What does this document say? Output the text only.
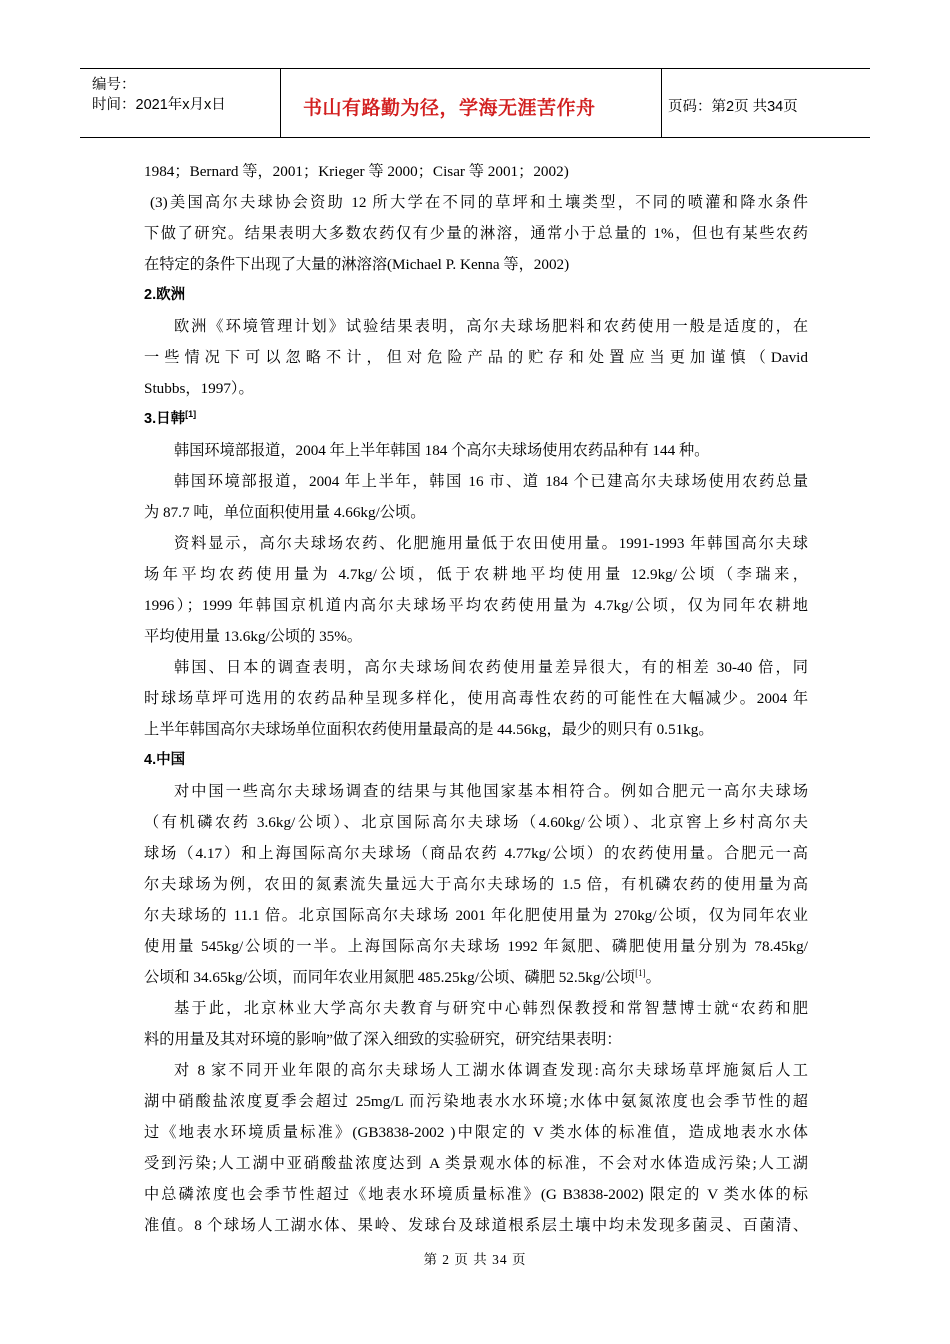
编号：
时间：2021年x月x日	书山有路勤为径，学海无涯苦作舟	页码：第2页 共34页
1984；Bernard 等，2001；Krieger 等 2000；Cisar 等 2001；2002)
(3)美国高尔夫球协会资助 12 所大学在不同的草坪和土壤类型，不同的喷灌和降水条件
下做了研究。结果表明大多数农药仅有少量的淋溶，通常小于总量的 1%，但也有某些农药
在特定的条件下出现了大量的淋溶溶(Michael P. Kenna 等，2002)
2.欧洲
欧洲《环境管理计划》试验结果表明，高尔夫球场肥料和农药使用一般是适度的，在
一些情况下可以忽略不计，但对危险产品的贮存和处置应当更加谨慎（David
Stubbs，1997）。
3.日韩[1]
韩国环境部报道，2004 年上半年韩国 184 个高尔夫球场使用农药品种有 144 种。
韩国环境部报道，2004 年上半年，韩国 16 市、道 184 个已建高尔夫球场使用农药总量
为 87.7 吨，单位面积使用量 4.66kg/公顷。
资料显示，高尔夫球场农药、化肥施用量低于农田使用量。1991-1993 年韩国高尔夫球
场年平均农药使用量为 4.7kg/公顷，低于农耕地平均使用量 12.9kg/公顷（李瑞来，
1996）；1999 年韩国京机道内高尔夫球场平均农药使用量为 4.7kg/公顷，仅为同年农耕地
平均使用量 13.6kg/公顷的 35%。
韩国、日本的调查表明，高尔夫球场间农药使用量差异很大，有的相差 30-40 倍，同
时球场草坪可选用的农药品种呈现多样化，使用高毒性农药的可能性在大幅减少。2004 年
上半年韩国高尔夫球场单位面积农药使用量最高的是 44.56kg，最少的则只有 0.51kg。
4.中国
对中国一些高尔夫球场调查的结果与其他国家基本相符合。例如合肥元一高尔夫球场
（有机磷农药 3.6kg/公顷）、北京国际高尔夫球场（4.60kg/公顷）、北京窖上乡村高尔夫
球场（4.17）和上海国际高尔夫球场（商品农药 4.77kg/公顷）的农药使用量。合肥元一高
尔夫球场为例，农田的氮素流失量远大于高尔夫球场的 1.5 倍，有机磷农药的使用量为高
尔夫球场的 11.1 倍。北京国际高尔夫球场 2001 年化肥使用量为 270kg/公顷，仅为同年农业
使用量 545kg/公顷的一半。上海国际高尔夫球场 1992 年氮肥、磷肥使用量分别为 78.45kg/
公顷和 34.65kg/公顷，而同年农业用氮肥 485.25kg/公顷、磷肥 52.5kg/公顷[1]。
基于此，北京林业大学高尔夫教育与研究中心韩烈保教授和常智慧博士就“农药和肥
料的用量及其对环境的影响”做了深入细致的实验研究，研究结果表明：
对 8 家不同开业年限的高尔夫球场人工湖水体调查发现:高尔夫球场草坪施氮后人工
湖中硝酸盐浓度夏季会超过 25mg/L 而污染地表水水环境;水体中氨氮浓度也会季节性的超
过《地表水环境质量标准》(GB3838-2002 )中限定的 V 类水体的标准值，造成地表水水体
受到污染;人工湖中亚硝酸盐浓度达到 A 类景观水体的标准，不会对水体造成污染;人工湖
中总磷浓度也会季节性超过《地表水环境质量标准》(G B3838-2002) 限定的 V 类水体的标
准值。8 个球场人工湖水体、果岭、发球台及球道根系层土壤中均未发现多菌灵、百菌清、
第 2 页 共 34 页
